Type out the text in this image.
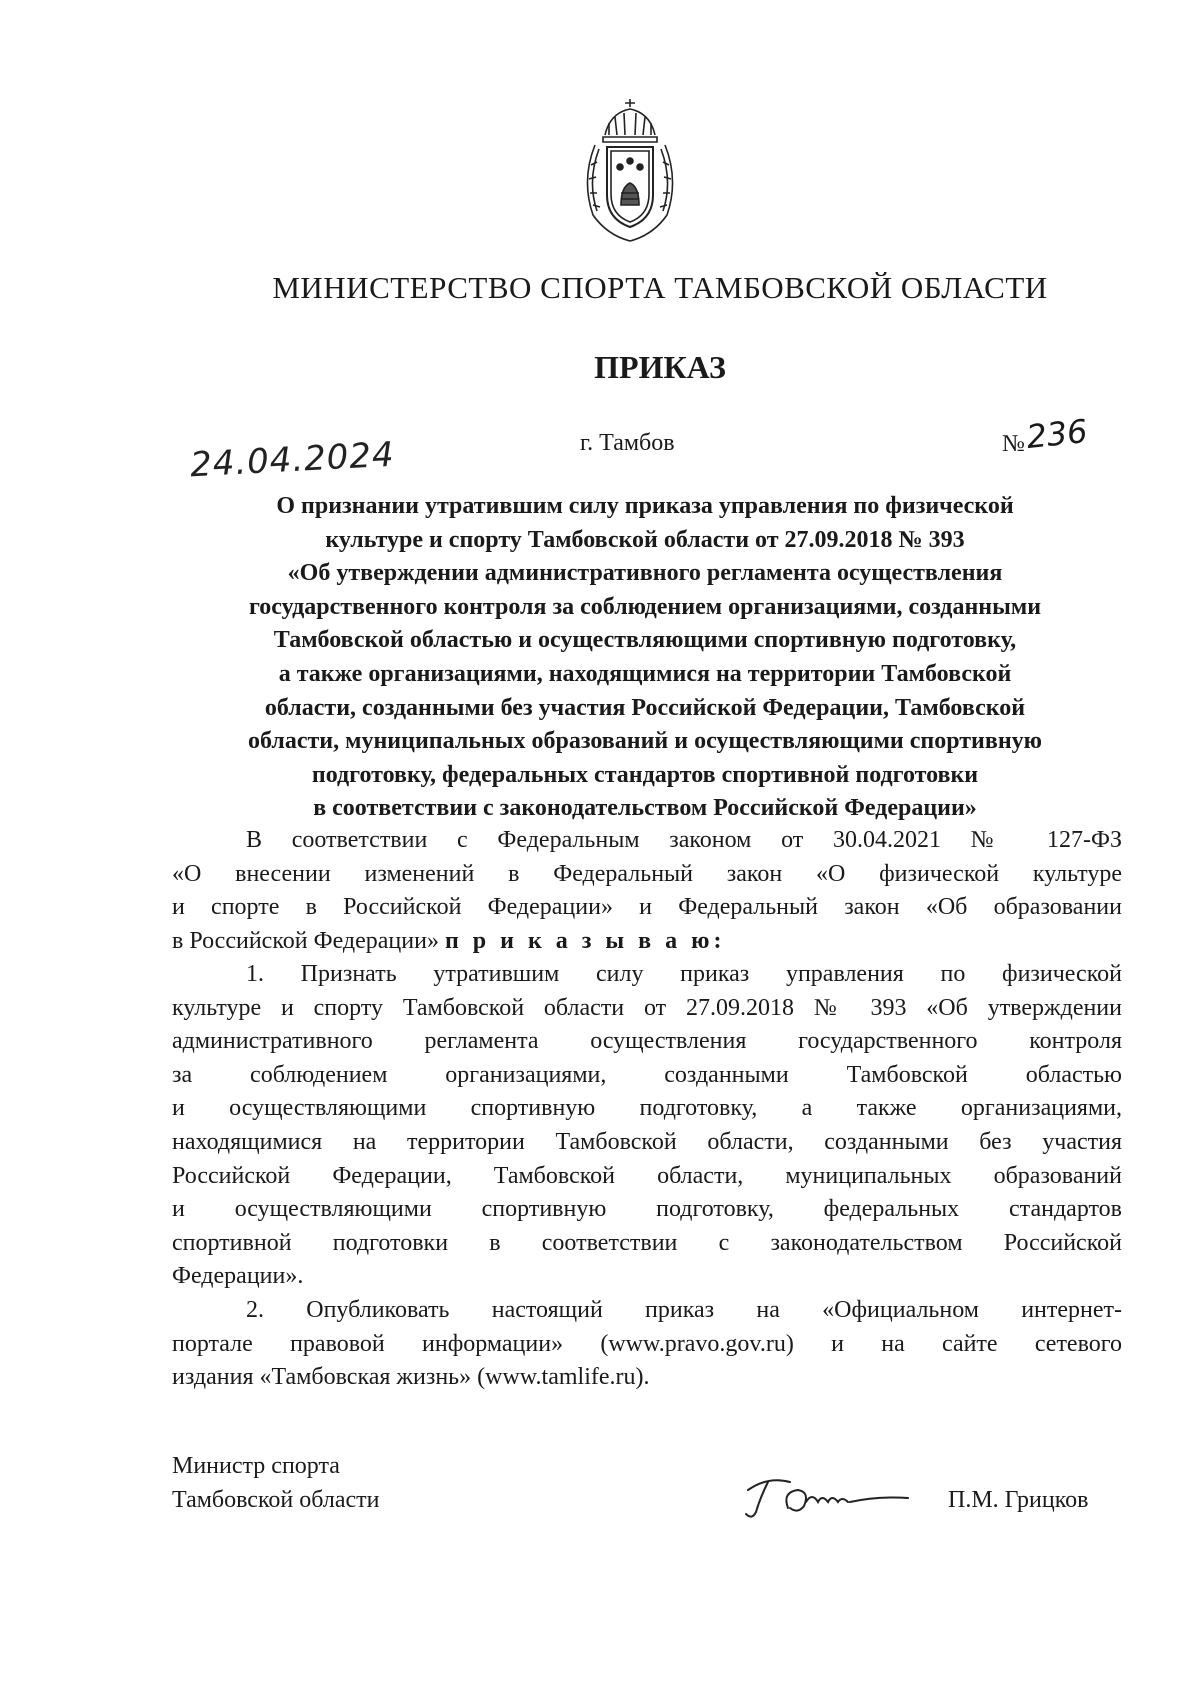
МИНИСТЕРСТВО СПОРТА ТАМБОВСКОЙ ОБЛАСТИ
ПРИКАЗ
24.04.2024	г. Тамбов	№236
О признании утратившим силу приказа управления по физической
культуре и спорту Тамбовской области от 27.09.2018 № 393
«Об утверждении административного регламента осуществления
государственного контроля за соблюдением организациями, созданными
Тамбовской областью и осуществляющими спортивную подготовку,
а также организациями, находящимися на территории Тамбовской
области, созданными без участия Российской Федерации, Тамбовской
области, муниципальных образований и осуществляющими спортивную
подготовку, федеральных стандартов спортивной подготовки
в соответствии с законодательством Российской Федерации»
В соответствии с Федеральным законом от 30.04.2021 № 127-ФЗ
«О внесении изменений в Федеральный закон «О физической культуре
и спорте в Российской Федерации» и Федеральный закон «Об образовании
в Российской Федерации» п р и к а з ы в а ю:
1. Признать утратившим силу приказ управления по физической
культуре и спорту Тамбовской области от 27.09.2018 № 393 «Об утверждении
административного регламента осуществления государственного контроля
за соблюдением организациями, созданными Тамбовской областью
и осуществляющими спортивную подготовку, а также организациями,
находящимися на территории Тамбовской области, созданными без участия
Российской Федерации, Тамбовской области, муниципальных образований
и осуществляющими спортивную подготовку, федеральных стандартов
спортивной подготовки в соответствии с законодательством Российской
Федерации».
2. Опубликовать настоящий приказ на «Официальном интернет-
портале правовой информации» (www.pravo.gov.ru) и на сайте сетевого
издания «Тамбовская жизнь» (www.tamlife.ru).
Министр спорта
Тамбовской области	П.М. Грицков
